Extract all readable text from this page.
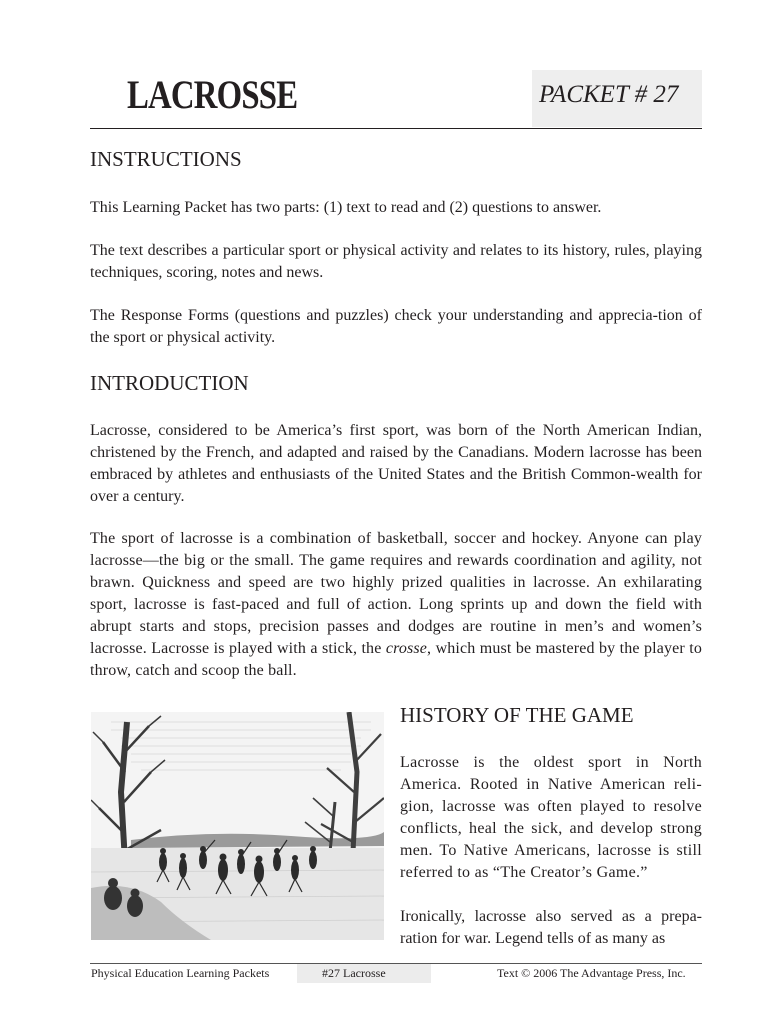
LACROSSE	PACKET # 27

INSTRUCTIONS

This Learning Packet has two parts: (1) text to read and (2) questions to answer.

The text describes a particular sport or physical activity and relates to its history, rules, playing techniques, scoring, notes and news.

The Response Forms (questions and puzzles) check your understanding and apprecia-tion of the sport or physical activity.

INTRODUCTION

Lacrosse, considered to be America’s first sport, was born of the North American Indian, christened by the French, and adapted and raised by the Canadians. Modern lacrosse has been embraced by athletes and enthusiasts of the United States and the British Common-wealth for over a century.

The sport of lacrosse is a combination of basketball, soccer and hockey. Anyone can play lacrosse—the big or the small. The game requires and rewards coordination and agility, not brawn. Quickness and speed are two highly prized qualities in lacrosse. An exhilarating sport, lacrosse is fast-paced and full of action. Long sprints up and down the field with abrupt starts and stops, precision passes and dodges are routine in men’s and women’s lacrosse. Lacrosse is played with a stick, the crosse, which must be mastered by the player to throw, catch and scoop the ball.

HISTORY OF THE GAME

Lacrosse is the oldest sport in North America. Rooted in Native American reli-gion, lacrosse was often played to resolve conflicts, heal the sick, and develop strong men. To Native Americans, lacrosse is still referred to as “The Creator’s Game.”

Ironically, lacrosse also served as a prepa-ration for war. Legend tells of as many as

Physical Education Learning Packets	#27 Lacrosse	Text © 2006 The Advantage Press, Inc.
